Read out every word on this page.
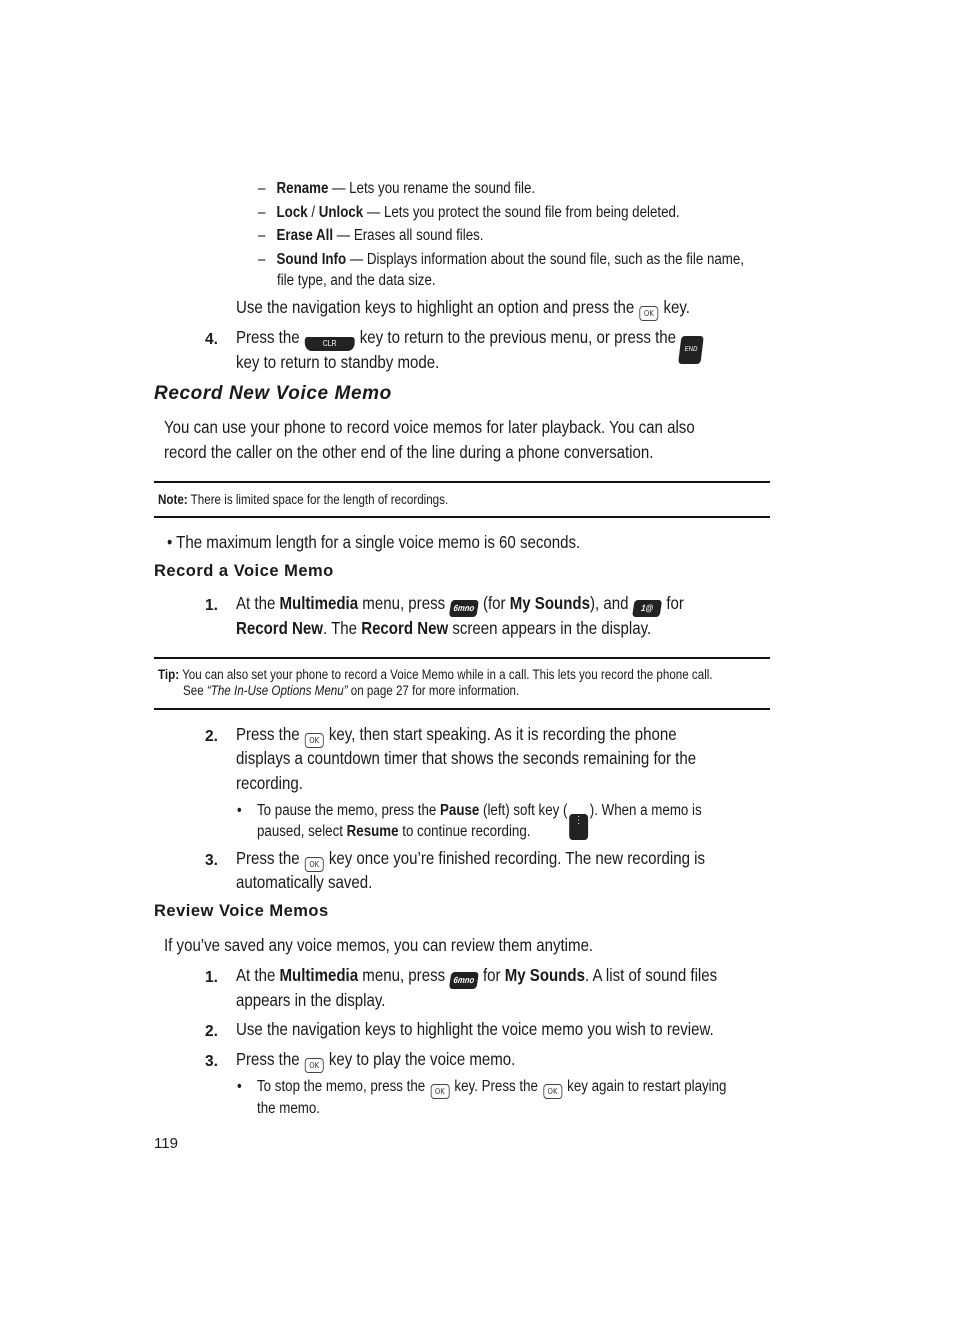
– Rename — Lets you rename the sound file.
– Lock / Unlock — Lets you protect the sound file from being deleted.
– Erase All — Erases all sound files.
– Sound Info — Displays information about the sound file, such as the file name,
file type, and the data size.
Use the navigation keys to highlight an option and press the OK key.
4. Press the	CLR key to return to the previous menu, or press theEND
key to return to standby mode.
Record New Voice Memo
You can use your phone to record voice memos for later playback. You can also
record the caller on the other end of the line during a phone conversation.
Note: There is limited space for the length of recordings.
• The maximum length for a single voice memo is 60 seconds.
Record a Voice Memo
1. At the Multimedia menu, press 6mno (for My Sounds), and 1@ for
Record New. The Record New screen appears in the display.
Tip: You can also set your phone to record a Voice Memo while in a call. This lets you record the phone call.
See “The In-Use Options Menu” on page 27 for more information.
2. Press the OK key, then start speaking. As it is recording the phone
displays a countdown timer that shows the seconds remaining for the
recording.
• To pause the memo, press the Pause (left) soft key (⋮). When a memo is
paused, select Resume to continue recording.
3. Press the OK key once you’re finished recording. The new recording is
automatically saved.
Review Voice Memos
If you’ve saved any voice memos, you can review them anytime.
1. At the Multimedia menu, press 6mno for My Sounds. A list of sound files
appears in the display.
2. Use the navigation keys to highlight the voice memo you wish to review.
3. Press the OK key to play the voice memo.
• To stop the memo, press the OK key. Press the OK key again to restart playing
the memo.
119
